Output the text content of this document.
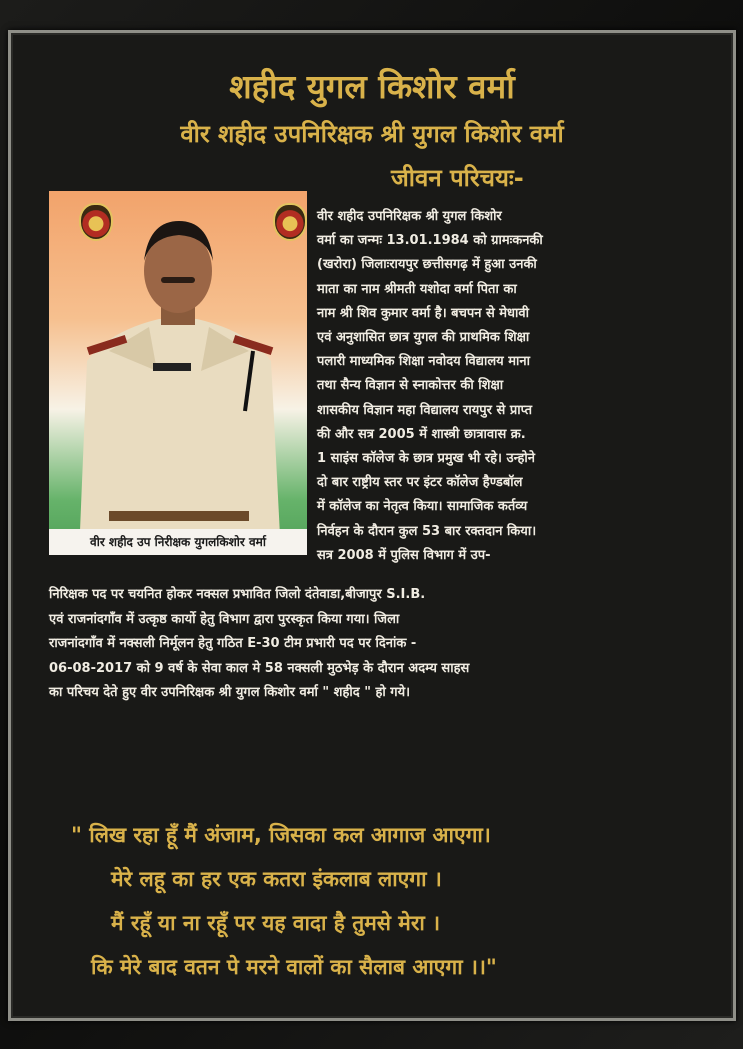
शहीद युगल किशोर वर्मा
वीर शहीद उपनिरिक्षक श्री युगल किशोर वर्मा
जीवन परिचयः-
वीर शहीद उप निरीक्षक युगलकिशोर वर्मा
वीर शहीद उपनिरिक्षक श्री युगल किशोर
वर्मा का जन्मः 13.01.1984 को ग्रामःकनकी
(खरोरा) जिलाःरायपुर छत्तीसगढ़ में हुआ उनकी
माता का नाम श्रीमती यशोदा वर्मा पिता का
नाम श्री शिव कुमार वर्मा है। बचपन से मेधावी
एवं अनुशासित छात्र युगल की प्राथमिक शिक्षा
पलारी माध्यमिक शिक्षा नवोदय विद्यालय माना
तथा सैन्य विज्ञान से स्नाकोत्तर की शिक्षा
शासकीय विज्ञान महा विद्यालय रायपुर से प्राप्त
की और सत्र 2005 में शास्त्री छात्रावास क्र.
1 साइंस कॉलेज के छात्र प्रमुख भी रहे। उन्होने
दो बार राष्ट्रीय स्तर पर इंटर कॉलेज हैण्डबॉल
में कॉलेज का नेतृत्व किया। सामाजिक कर्तव्य
निर्वहन के दौरान कुल 53 बार रक्तदान किया।
सत्र 2008 में पुलिस विभाग में उप-
निरिक्षक पद पर चयनित होकर नक्सल प्रभावित जिलो दंतेवाडा,बीजापुर S.I.B.
एवं राजनांदगाँव में उत्कृष्ठ कार्यो हेतु विभाग द्वारा पुरस्कृत किया गया। जिला
राजनांदगाँव में नक्सली निर्मूलन हेतु गठित E-30 टीम प्रभारी पद पर दिनांक -
06-08-2017 को 9 वर्ष के सेवा काल मे 58 नक्सली मुठभेड़ के दौरान अदम्य साहस
का परिचय देते हुए वीर उपनिरिक्षक श्री युगल किशोर वर्मा " शहीद " हो गये।
" लिख रहा हूँ मैं अंजाम, जिसका कल आगाज आएगा।
मेरे लहू का हर एक कतरा इंकलाब लाएगा ।
मैं रहूँ या ना रहूँ पर यह वादा है तुमसे मेरा ।
कि मेरे बाद वतन पे मरने वालों का सैलाब आएगा ।।"
